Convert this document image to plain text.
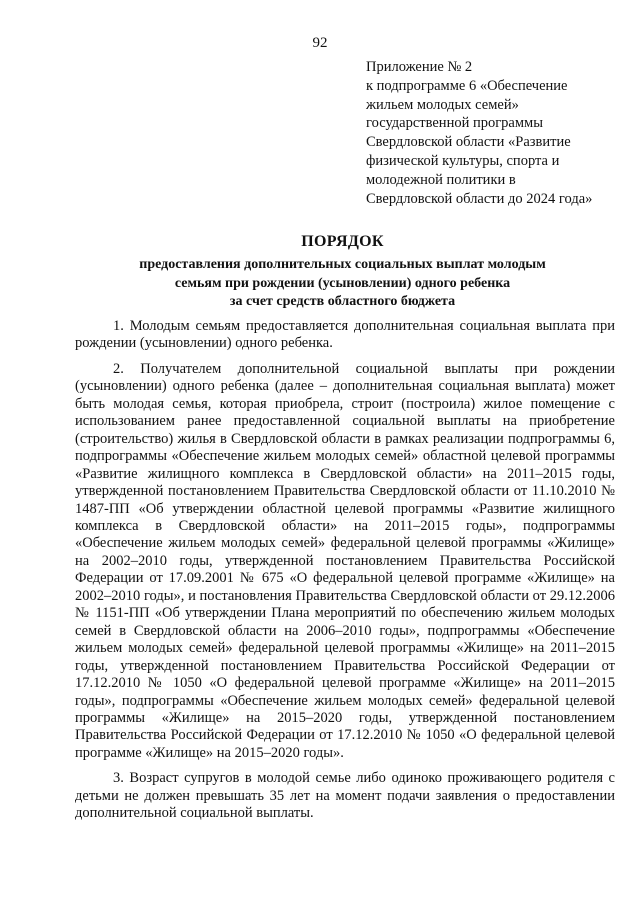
92
Приложение № 2
к подпрограмме 6 «Обеспечение
жильем молодых семей»
государственной программы
Свердловской области «Развитие
физической культуры, спорта и
молодежной политики в
Свердловской области до 2024 года»
ПОРЯДОК
предоставления дополнительных социальных выплат молодым
семьям при рождении (усыновлении) одного ребенка
за счет средств областного бюджета

1. Молодым семьям предоставляется дополнительная социальная выплата при рождении (усыновлении) одного ребенка.

2. Получателем дополнительной социальной выплаты при рождении (усыновлении) одного ребенка (далее – дополнительная социальная выплата) может быть молодая семья, которая приобрела, строит (построила) жилое помещение с использованием ранее предоставленной социальной выплаты на приобретение (строительство) жилья в Свердловской области в рамках реализации подпрограммы 6, подпрограммы «Обеспечение жильем молодых семей» областной целевой программы «Развитие жилищного комплекса в Свердловской области» на 2011–2015 годы, утвержденной постановлением Правительства Свердловской области от 11.10.2010 № 1487-ПП «Об утверждении областной целевой программы «Развитие жилищного комплекса в Свердловской области» на 2011–2015 годы», подпрограммы «Обеспечение жильем молодых семей» федеральной целевой программы «Жилище» на 2002–2010 годы, утвержденной постановлением Правительства Российской Федерации от 17.09.2001 № 675 «О федеральной целевой программе «Жилище» на 2002–2010 годы», и постановления Правительства Свердловской области от 29.12.2006 № 1151-ПП «Об утверждении Плана мероприятий по обеспечению жильем молодых семей в Свердловской области на 2006–2010 годы», подпрограммы «Обеспечение жильем молодых семей» федеральной целевой программы «Жилище» на 2011–2015 годы, утвержденной постановлением Правительства Российской Федерации от 17.12.2010 № 1050 «О федеральной целевой программе «Жилище» на 2011–2015 годы», подпрограммы «Обеспечение жильем молодых семей» федеральной целевой программы «Жилище» на 2015–2020 годы, утвержденной постановлением Правительства Российской Федерации от 17.12.2010 № 1050 «О федеральной целевой программе «Жилище» на 2015–2020 годы».

3. Возраст супругов в молодой семье либо одиноко проживающего родителя с детьми не должен превышать 35 лет на момент подачи заявления о предоставлении дополнительной социальной выплаты.
